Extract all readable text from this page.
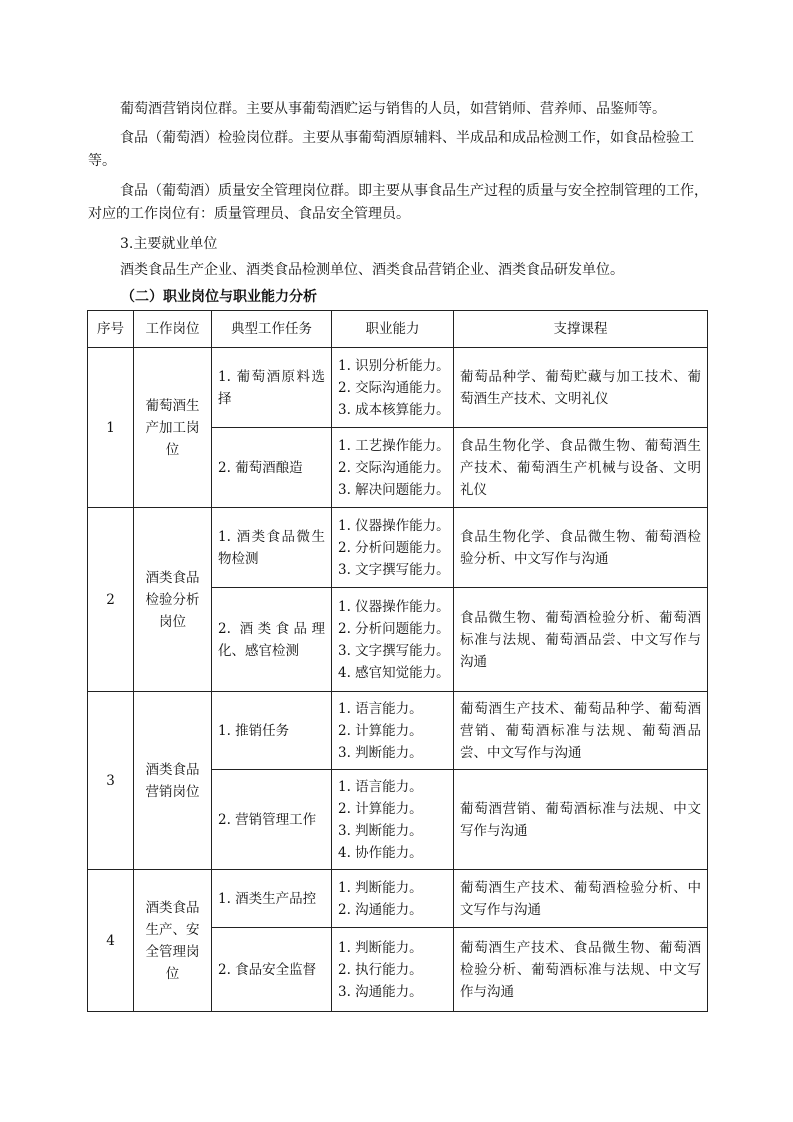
葡萄酒营销岗位群。主要从事葡萄酒贮运与销售的人员，如营销师、营养师、品鉴师等。

食品（葡萄酒）检验岗位群。主要从事葡萄酒原辅料、半成品和成品检测工作，如食品检验工等。

食品（葡萄酒）质量安全管理岗位群。即主要从事食品生产过程的质量与安全控制管理的工作，对应的工作岗位有：质量管理员、食品安全管理员。

3.主要就业单位

酒类食品生产企业、酒类食品检测单位、酒类食品营销企业、酒类食品研发单位。

（二）职业岗位与职业能力分析

序号	工作岗位	典型工作任务	职业能力	支撑课程
1	葡萄酒生产加工岗位	1. 葡萄酒原料选择	1. 识别分析能力。
2. 交际沟通能力。
3. 成本核算能力。	葡萄品种学、葡萄贮藏与加工技术、葡萄酒生产技术、文明礼仪
		2. 葡萄酒酿造	1. 工艺操作能力。
2. 交际沟通能力。
3. 解决问题能力。	食品生物化学、食品微生物、葡萄酒生产技术、葡萄酒生产机械与设备、文明礼仪
2	酒类食品检验分析岗位	1. 酒类食品微生物检测	1. 仪器操作能力。
2. 分析问题能力。
3. 文字撰写能力。	食品生物化学、食品微生物、葡萄酒检验分析、中文写作与沟通
		2. 酒类食品理化、感官检测	1. 仪器操作能力。
2. 分析问题能力。
3. 文字撰写能力。
4. 感官知觉能力。	食品微生物、葡萄酒检验分析、葡萄酒标准与法规、葡萄酒品尝、中文写作与沟通
3	酒类食品营销岗位	1. 推销任务	1. 语言能力。
2. 计算能力。
3. 判断能力。	葡萄酒生产技术、葡萄品种学、葡萄酒营销、葡萄酒标准与法规、葡萄酒品尝、中文写作与沟通
		2. 营销管理工作	1. 语言能力。
2. 计算能力。
3. 判断能力。
4. 协作能力。	葡萄酒营销、葡萄酒标准与法规、中文写作与沟通
4	酒类食品生产、安全管理岗位	1. 酒类生产品控	1. 判断能力。
2. 沟通能力。	葡萄酒生产技术、葡萄酒检验分析、中文写作与沟通
		2. 食品安全监督	1. 判断能力。
2. 执行能力。
3. 沟通能力。	葡萄酒生产技术、食品微生物、葡萄酒检验分析、葡萄酒标准与法规、中文写作与沟通
